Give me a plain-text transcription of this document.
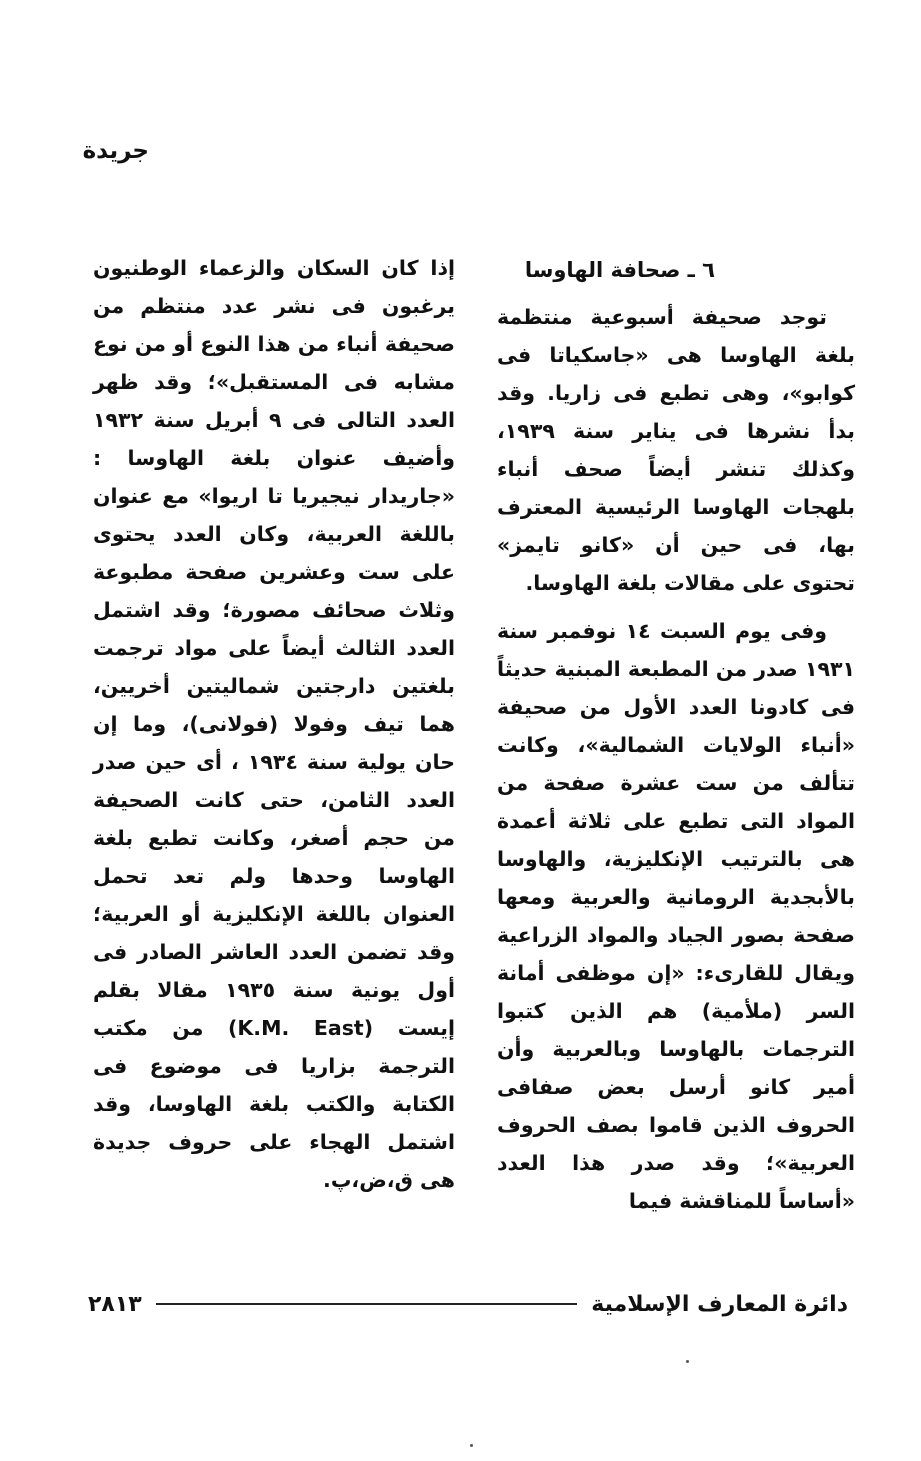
جريدة
٦ ـ صحافة الهاوسا

توجد صحيفة أسبوعية منتظمة بلغة الهاوسا هى «جاسكياتا فى كوابو»، وهى تطبع فى زاريا. وقد بدأ نشرها فى يناير سنة ١٩٣٩، وكذلك تنشر أيضاً صحف أنباء بلهجات الهاوسا الرئيسية المعترف بها، فى حين أن «كانو تايمز» تحتوى على مقالات بلغة الهاوسا.

وفى يوم السبت ١٤ نوفمبر سنة ١٩٣١ صدر من المطبعة المبنية حديثاً فى كادونا العدد الأول من صحيفة «أنباء الولايات الشمالية»، وكانت تتألف من ست عشرة صفحة من المواد التى تطبع على ثلاثة أعمدة هى بالترتيب الإنكليزية، والهاوسا بالأبجدية الرومانية والعربية ومعها صفحة بصور الجياد والمواد الزراعية ويقال للقارىء: «إن موظفى أمانة السر (ملأمية) هم الذين كتبوا الترجمات بالهاوسا وبالعربية وأن أمير كانو أرسل بعض صفافى الحروف الذين قاموا بصف الحروف العربية»؛ وقد صدر هذا العدد «أساساً للمناقشة فيما

إذا كان السكان والزعماء الوطنيون يرغبون فى نشر عدد منتظم من صحيفة أنباء من هذا النوع أو من نوع مشابه فى المستقبل»؛ وقد ظهر العدد التالى فى ٩ أبريل سنة ١٩٣٢ وأضيف عنوان بلغة الهاوسا : «جاريدار نيجيريا تا اريوا» مع عنوان باللغة العربية، وكان العدد يحتوى على ست وعشرين صفحة مطبوعة وثلاث صحائف مصورة؛ وقد اشتمل العدد الثالث أيضاً على مواد ترجمت بلغتين دارجتين شماليتين أخريين، هما تيف وفولا (فولانى)، وما إن حان يولية سنة ١٩٣٤ ، أى حين صدر العدد الثامن، حتى كانت الصحيفة من حجم أصغر، وكانت تطبع بلغة الهاوسا وحدها ولم تعد تحمل العنوان باللغة الإنكليزية أو العربية؛ وقد تضمن العدد العاشر الصادر فى أول يونية سنة ١٩٣٥ مقالا بقلم إيست (K.M. East) من مكتب الترجمة بزاريا فى موضوع فى الكتابة والكتب بلغة الهاوسا، وقد اشتمل الهجاء على حروف جديدة هى ق،ض،پ.

دائرة المعارف الإسلامية
٢٨١٣
